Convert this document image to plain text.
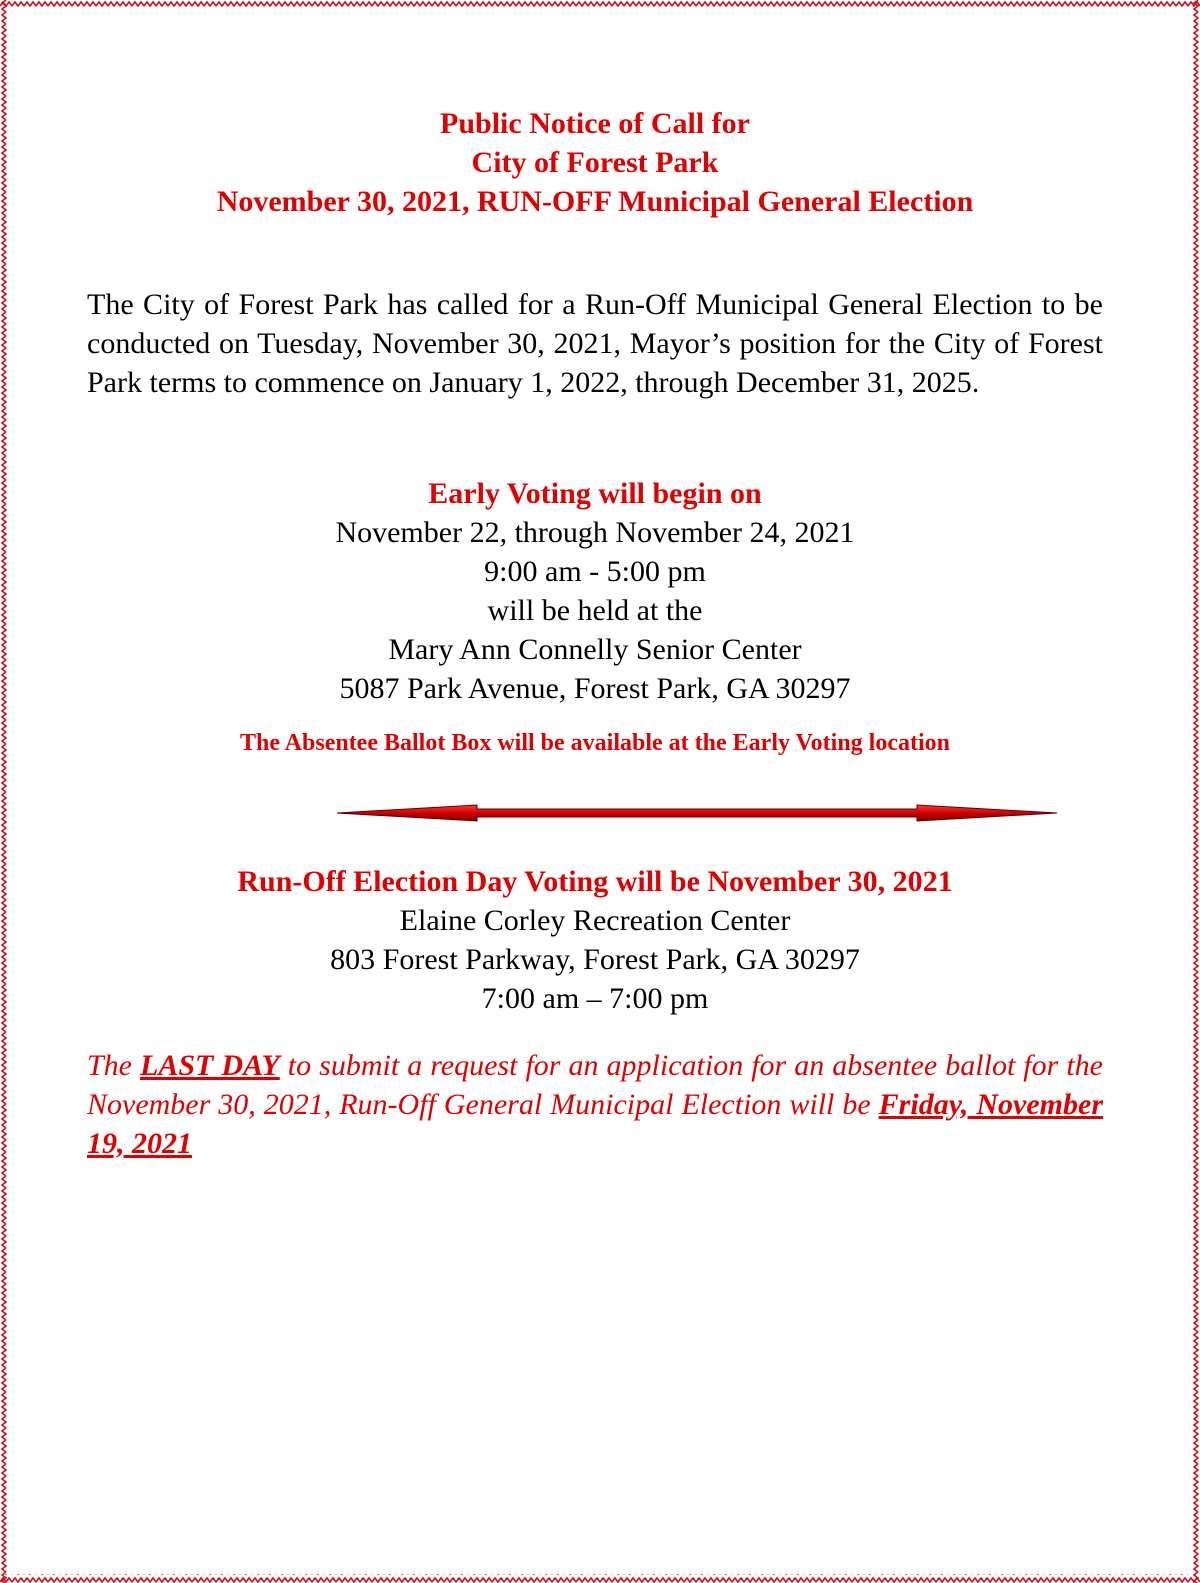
Public Notice of Call for
City of Forest Park
November 30, 2021, RUN-OFF Municipal General Election
The City of Forest Park has called for a Run-Off Municipal General Election to be conducted on Tuesday, November 30, 2021, Mayor’s position for the City of Forest Park terms to commence on January 1, 2022, through December 31, 2025.
Early Voting will begin on
November 22, through November 24, 2021
9:00 am - 5:00 pm
will be held at the
Mary Ann Connelly Senior Center
5087 Park Avenue, Forest Park, GA 30297
The Absentee Ballot Box will be available at the Early Voting location
Run-Off Election Day Voting will be November 30, 2021
Elaine Corley Recreation Center
803 Forest Parkway, Forest Park, GA 30297
7:00 am – 7:00 pm
The LAST DAY to submit a request for an application for an absentee ballot for the November 30, 2021, Run-Off General Municipal Election will be Friday, November 19, 2021
